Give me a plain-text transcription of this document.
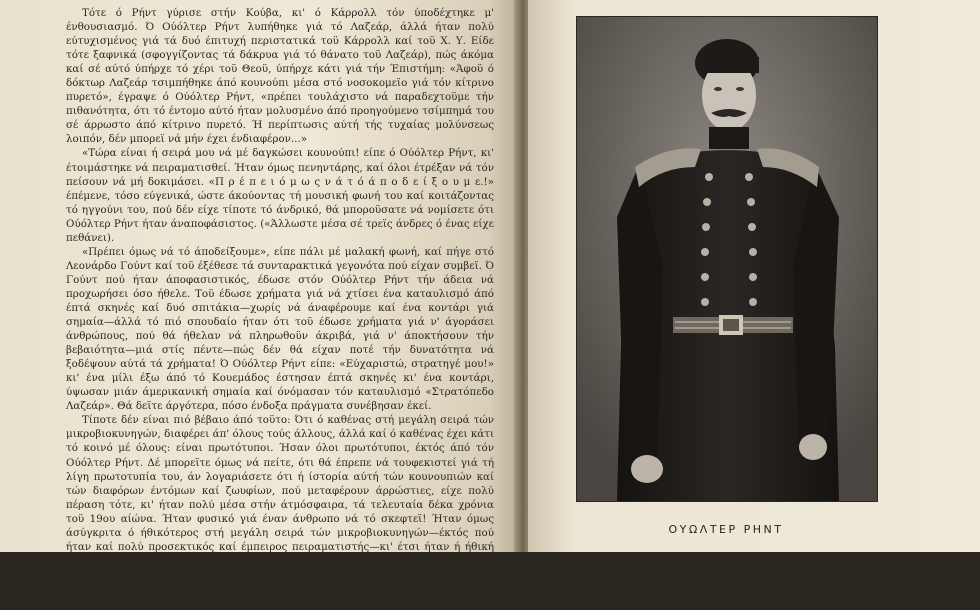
Τότε ό Ρήντ γύρισε στήν Κούβα, κι' ό Κάρρολλ τόν ύποδέχτηκε μ' ένθουσιασμό. Ό Ούόλτερ Ρήντ λυπήθηκε γιά τό Λαζεάρ, άλλά ήταν πολύ εύτυχισμένος γιά τά δυό έπιτυχή περιστατικά τοϋ Κάρρολλ καί τοϋ Χ. Υ. Είδε τότε ξαφνικά (σφογγίζοντας τά δάκρυα γιά τό θάνατο τοϋ Λαζεάρ), πώς άκόμα καί σέ αύτό ύπήρχε τό χέρι τοϋ Θεοϋ, ύπήρχε κάτι γιά τήν Έπιστήμη: «Άφοϋ ό δόκτωρ Λαζεάρ τσιμπήθηκε άπό κουνούπι μέσα στό νοσοκομεϊο γιά τόν κίτρινο πυρετό», έγραψε ό Ούόλτερ Ρήντ, «πρέπει τουλάχιστο νά παραδεχτοϋμε τήν πιθανότητα, ότι τό έντομο αύτό ήταν μολυσμένο άπό προηγούμενο τσίμπημά του σέ άρρωστο άπό κίτρινο πυρετό. Ή περίπτωσις αύτή τής τυχαίας μολύνσεως λοιπόν, δέν μπορεϊ νά μήν έχει ένδιαφέρον...»

«Τώρα είναι ή σειρά μου νά μέ δαγκώσει κουνούπι! είπε ό Ούόλτερ Ρήντ, κι' έτοιμάστηκε νά πειραματισθεί. Ήταν όμως πενηντάρης, καί όλοι έτρέξαν νά τόν πείσουν νά μή δοκιμάσει. «Π ρ έ π ε ι ό μ ω ς ν ά τ ό ά π ο δ ε ί ξ ο υ μ ε.!» έπέμενε, τόσο εύγενικά, ώστε άκούοντας τή μουσική φωνή του καί κοιτάζοντας τό ηγγούνι του, πού δέν είχε τίποτε τό άνδρικό, θά μποροϋσατε νά νομίσετε ότι Ούόλτερ Ρήντ ήταν άναποφάσιστος. («Άλλωστε μέσα σέ τρεϊς άνδρες ό ένας είχε πεθάνει).

«Πρέπει όμως νά τό άποδείξουμε», είπε πάλι μέ μαλακή φωνή, καί πήγε στό Λεονάρδο Γούντ καί τοϋ έξέθεσε τά συνταρακτικά γεγονότα πού είχαν συμβεϊ. Ό Γούντ πού ήταν άποφασιστικός, έδωσε στόν Ούόλτερ Ρήντ τήν άδεια νά προχωρήσει όσο ήθελε. Τοϋ έδωσε χρήματα γιά νά χτίσει ένα καταυλισμό άπό έπτά σκηνές καί δυό σπιτάκια—χωρίς νά άναφέρουμε καί ένα κοντάρι γιά σημαία—άλλά τό πιό σπουδαίο ήταν ότι τοϋ έδωσε χρήματα γιά ν' άγοράσει άνθρώπους, πού θά ήθελαν νά πληρωθοϋν άκριβά, γιά ν' άποκτήσουν τήν βεβαιότητα—μιά στίς πέντε—πώς δέν θά είχαν ποτέ τήν δυνατότητα νά ξοδέψουν αύτά τά χρήματα! Ό Ούόλτερ Ρήντ είπε: «Εύχαριστώ, στρατηγέ μου!» κι' ένα μίλι έξω άπό τό Κουεμάδος έστησαν έπτά σκηνές κι' ένα κοντάρι, ύψωσαν μιάν άμερικανική σημαία καί όνόμασαν τόν καταυλισμό «Στρατόπεδο Λαζεάρ». Θά δεϊτε άργότερα, πόσο ένδοξα πράγματα συνέβησαν έκεί.

Τίποτε δέν είναι πιό βέβαιο άπό τοϋτο: Ότι ό καθένας στή μεγάλη σειρά τών μικροβιοκυνηγών, διαφέρει άπ' όλους τούς άλλους, άλλά καί ό καθένας έχει κάτι τό κοινό μέ όλους: είναι πρωτότυποι. Ήσαν όλοι πρωτότυποι, έκτός άπό τόν Ούόλτερ Ρήντ. Δέ μπορεϊτε όμως νά πείτε, ότι θά έπρεπε νά τουφεκιστεί γιά τή λίγη πρωτοτυπία του, άν λογαριάσετε ότι ή ίστορία αύτή τών κουνουπιών καί τών διαφόρων έντόμων καί ζωυφίων, πού μεταφέρουν άρρώστιες, είχε πολύ πέραση τότε, κι' ήταν πολύ μέσα στήν άτμόσφαιρα, τά τελευταία δέκα χρόνια τοϋ 19ου αίώνα. Ήταν φυσικό γιά έναν άνθρωπο νά τό σκεφτεϊ! Ήταν όμως άσύγκριτα ό ήθικότερος στή μεγάλη σειρά τών μικροβιοκυνηγών—έκτός πού ήταν καί πολύ προσεκτικός καί έμπειρος πειραματιστής—κι' έτσι ήταν ή ήθική του ύπόσταση τοϋ είπε: «Πρέπει νά σκοτώσεις άνθρώπους γιά νά σώσεις άνθρώπους!», ό Ρήντ βάλθηκε νά σχεδιάσει μιά σειρά άπό δοκιμές. Ποτέ δέν ύπήρξε πιό άγαθός άνθρωπος, πού νά σκέφτηκε όμως πιό διαβολικά καί άνανδρα πειράματα!

ΟΥΩΛΤΕΡ ΡΗΝΤ
